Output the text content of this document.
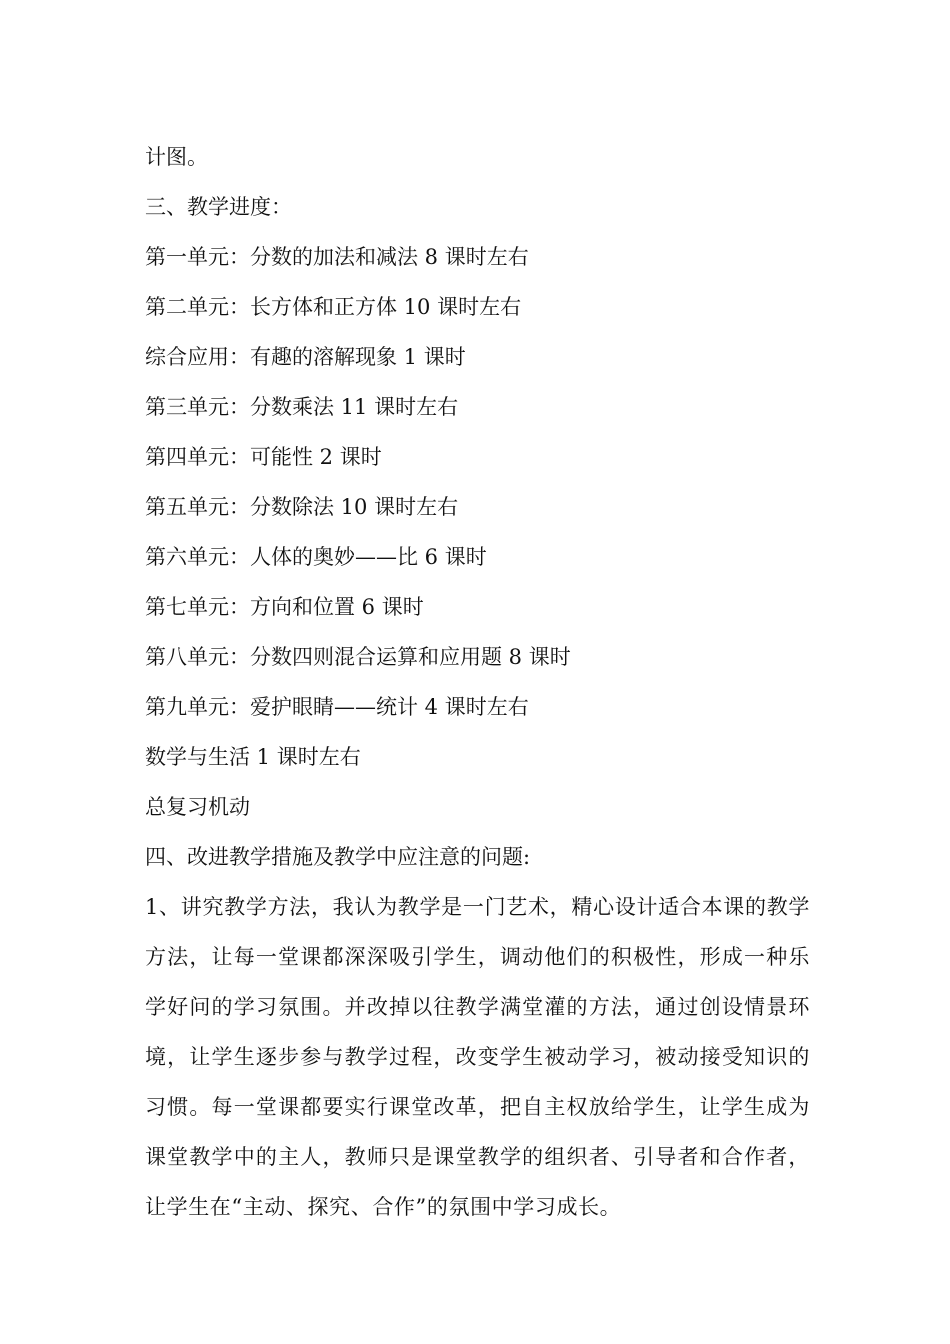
计图。
三、教学进度：
第一单元：分数的加法和减法 8 课时左右
第二单元：长方体和正方体 10 课时左右
综合应用：有趣的溶解现象 1 课时
第三单元：分数乘法 11 课时左右
第四单元：可能性 2 课时
第五单元：分数除法 10 课时左右
第六单元：人体的奥妙——比 6 课时
第七单元：方向和位置 6 课时
第八单元：分数四则混合运算和应用题 8 课时
第九单元：爱护眼睛——统计 4 课时左右
数学与生活 1 课时左右
总复习机动
四、改进教学措施及教学中应注意的问题:

1、讲究教学方法，我认为教学是一门艺术，精心设计适合本课的教学方法，让每一堂课都深深吸引学生，调动他们的积极性，形成一种乐学好问的学习氛围。并改掉以往教学满堂灌的方法，通过创设情景环境，让学生逐步参与教学过程，改变学生被动学习，被动接受知识的习惯。每一堂课都要实行课堂改革，把自主权放给学生，让学生成为课堂教学中的主人，教师只是课堂教学的组织者、引导者和合作者，让学生在“主动、探究、合作”的氛围中学习成长。
